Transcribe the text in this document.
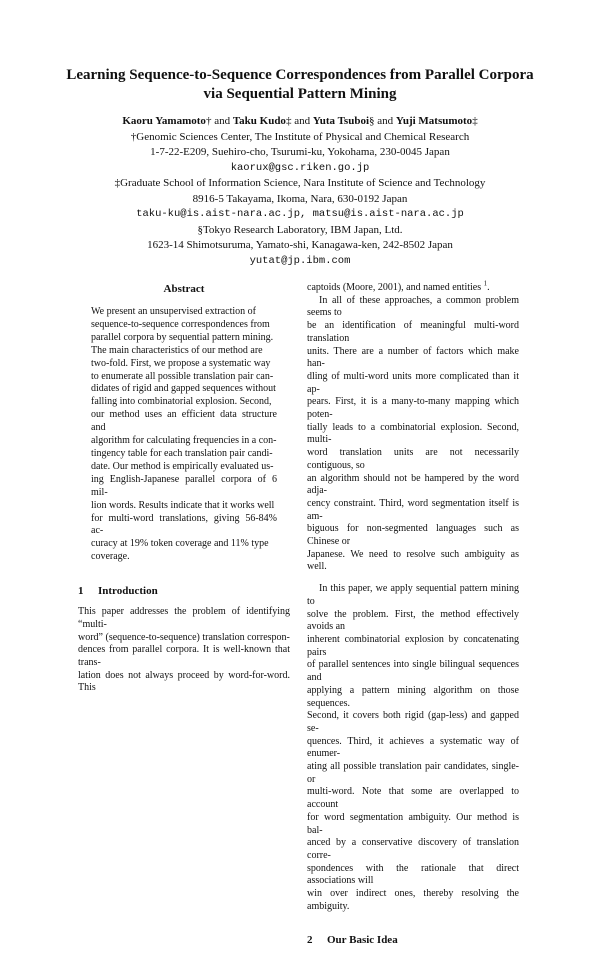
Learning Sequence-to-Sequence Correspondences from Parallel Corpora
via Sequential Pattern Mining
Kaoru Yamamoto† and Taku Kudo‡ and Yuta Tsuboi§ and Yuji Matsumoto‡
†Genomic Sciences Center, The Institute of Physical and Chemical Research
1-7-22-E209, Suehiro-cho, Tsurumi-ku, Yokohama, 230-0045 Japan
kaorux@gsc.riken.go.jp
‡Graduate School of Information Science, Nara Institute of Science and Technology
8916-5 Takayama, Ikoma, Nara, 630-0192 Japan
taku-ku@is.aist-nara.ac.jp, matsu@is.aist-nara.ac.jp
§Tokyo Research Laboratory, IBM Japan, Ltd.
1623-14 Shimotsuruma, Yamato-shi, Kanagawa-ken, 242-8502 Japan
yutat@jp.ibm.com
Abstract
We present an unsupervised extraction of
sequence-to-sequence correspondences from
parallel corpora by sequential pattern mining.
The main characteristics of our method are
two-fold. First, we propose a systematic way
to enumerate all possible translation pair can-
didates of rigid and gapped sequences without
falling into combinatorial explosion. Second,
our method uses an efficient data structure and
algorithm for calculating frequencies in a con-
tingency table for each translation pair candi-
date. Our method is empirically evaluated us-
ing English-Japanese parallel corpora of 6 mil-
lion words. Results indicate that it works well
for multi-word translations, giving 56-84% ac-
curacy at 19% token coverage and 11% type
coverage.
1 Introduction
This paper addresses the problem of identifying “multi-
word” (sequence-to-sequence) translation correspon-
dences from parallel corpora. It is well-known that trans-
lation does not always proceed by word-for-word. This
captoids (Moore, 2001), and named entities $^1$.
In all of these approaches, a common problem seems to
be an identification of meaningful multi-word translation
units. There are a number of factors which make han-
dling of multi-word units more complicated than it ap-
pears. First, it is a many-to-many mapping which poten-
tially leads to a combinatorial explosion. Second, multi-
word translation units are not necessarily contiguous, so
an algorithm should not be hampered by the word adja-
cency constraint. Third, word segmentation itself is am-
biguous for non-segmented languages such as Chinese or
Japanese. We need to resolve such ambiguity as well.
In this paper, we apply sequential pattern mining to
solve the problem. First, the method effectively avoids an
inherent combinatorial explosion by concatenating pairs
of parallel sentences into single bilingual sequences and
applying a pattern mining algorithm on those sequences.
Second, it covers both rigid (gap-less) and gapped se-
quences. Third, it achieves a systematic way of enumer-
ating all possible translation pair candidates, single- or
multi-word. Note that some are overlapped to account
for word segmentation ambiguity. Our method is bal-
anced by a conservative discovery of translation corre-
spondences with the rationale that direct associations will
win over indirect ones, thereby resolving the ambiguity.
2 Our Basic Idea
